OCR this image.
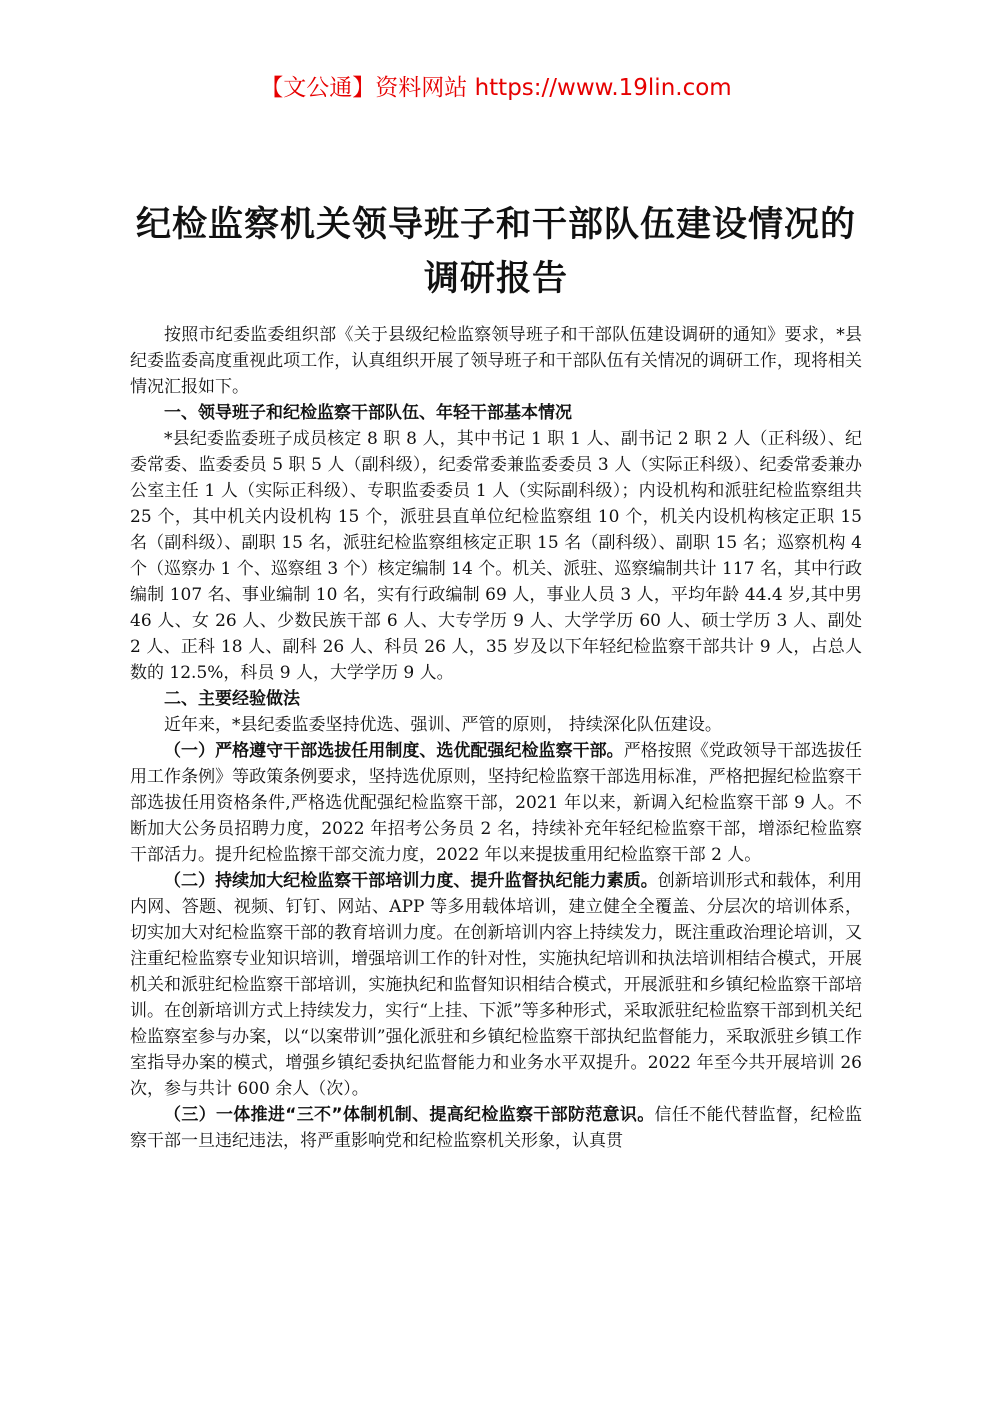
【文公通】资料网站 https://www.19lin.com
纪检监察机关领导班子和干部队伍建设情况的
调研报告

按照市纪委监委组织部《关于县级纪检监察领导班子和干部队伍建设调研的通知》要求，*县纪委监委高度重视此项工作，认真组织开展了领导班子和干部队伍有关情况的调研工作，现将相关情况汇报如下。

一、领导班子和纪检监察干部队伍、年轻干部基本情况

*县纪委监委班子成员核定 8 职 8 人，其中书记 1 职 1 人、副书记 2 职 2 人（正科级）、纪委常委、监委委员 5 职 5 人（副科级），纪委常委兼监委委员 3 人（实际正科级）、纪委常委兼办公室主任 1 人（实际正科级）、专职监委委员 1 人（实际副科级）；内设机构和派驻纪检监察组共 25 个，其中机关内设机构 15 个，派驻县直单位纪检监察组 10 个，机关内设机构核定正职 15 名（副科级）、副职 15 名，派驻纪检监察组核定正职 15 名（副科级）、副职 15 名；巡察机构 4 个（巡察办 1 个、巡察组 3 个）核定编制 14 个。机关、派驻、巡察编制共计 117 名，其中行政编制 107 名、事业编制 10 名，实有行政编制 69 人，事业人员 3 人，平均年龄 44.4 岁,其中男 46 人、女 26 人、少数民族干部 6 人、大专学历 9 人、大学学历 60 人、硕士学历 3 人、副处 2 人、正科 18 人、副科 26 人、科员 26 人，35 岁及以下年轻纪检监察干部共计 9 人，占总人数的 12.5%，科员 9 人，大学学历 9 人。

二、主要经验做法

近年来，*县纪委监委坚持优选、强训、严管的原则， 持续深化队伍建设。

（一）严格遵守干部选拔任用制度、选优配强纪检监察干部。严格按照《党政领导干部选拔任用工作条例》等政策条例要求，坚持选优原则，坚持纪检监察干部选用标准，严格把握纪检监察干部选拔任用资格条件,严格选优配强纪检监察干部，2021 年以来，新调入纪检监察干部 9 人。不断加大公务员招聘力度，2022 年招考公务员 2 名，持续补充年轻纪检监察干部，增添纪检监察干部活力。提升纪检监擦干部交流力度，2022 年以来提拔重用纪检监察干部 2 人。

（二）持续加大纪检监察干部培训力度、提升监督执纪能力素质。创新培训形式和载体，利用内网、答题、视频、钉钉、网站、APP 等多用载体培训，建立健全全覆盖、分层次的培训体系，切实加大对纪检监察干部的教育培训力度。在创新培训内容上持续发力，既注重政治理论培训，又注重纪检监察专业知识培训，增强培训工作的针对性，实施执纪培训和执法培训相结合模式，开展机关和派驻纪检监察干部培训，实施执纪和监督知识相结合模式，开展派驻和乡镇纪检监察干部培训。在创新培训方式上持续发力，实行“上挂、下派”等多种形式，采取派驻纪检监察干部到机关纪检监察室参与办案，以“以案带训”强化派驻和乡镇纪检监察干部执纪监督能力，采取派驻乡镇工作室指导办案的模式，增强乡镇纪委执纪监督能力和业务水平双提升。2022 年至今共开展培训 26 次，参与共计 600 余人（次）。

（三）一体推进“三不”体制机制、提高纪检监察干部防范意识。信任不能代替监督，纪检监察干部一旦违纪违法，将严重影响党和纪检监察机关形象，认真贯
